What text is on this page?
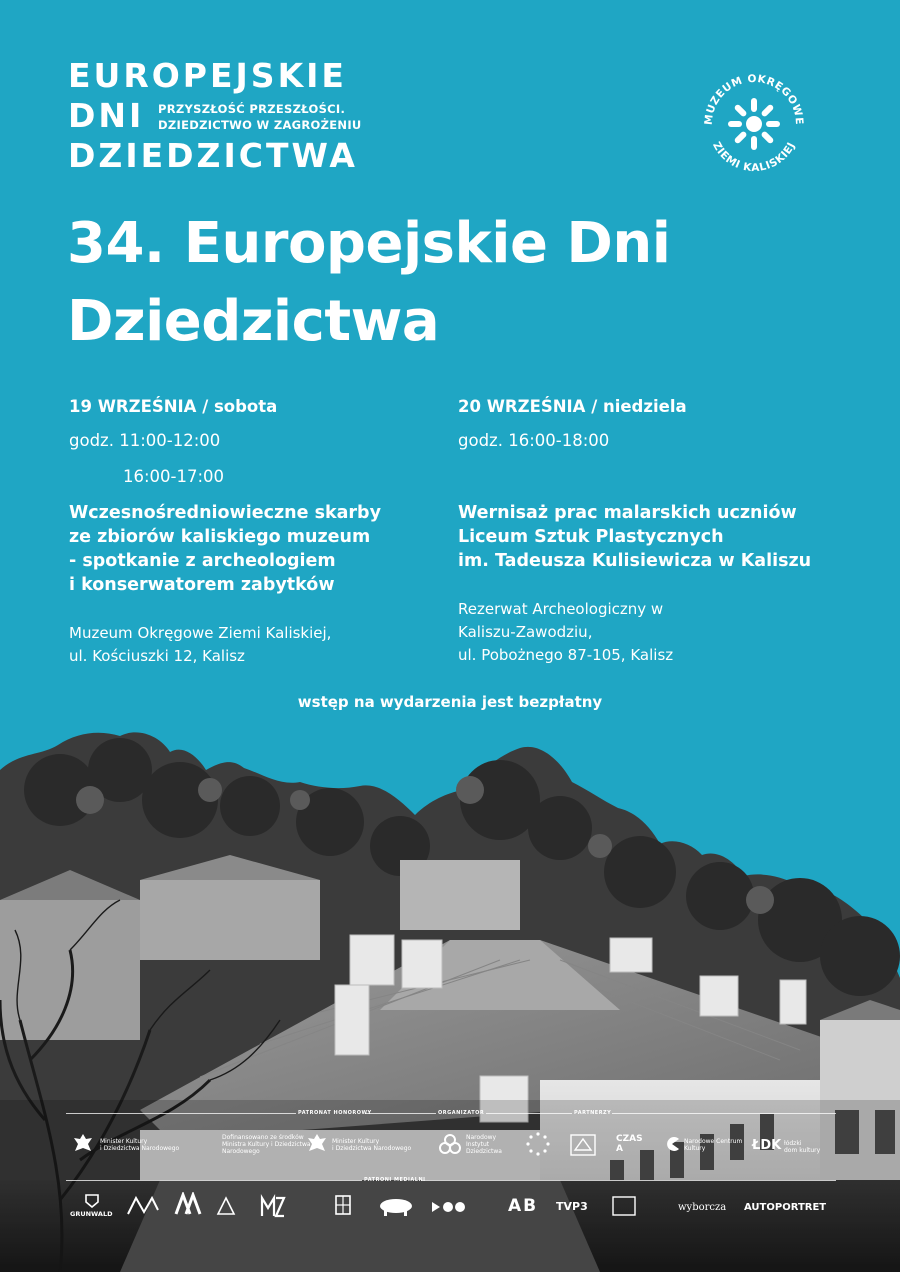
EUROPEJSKIE
DNI
DZIEDZICTWA
PRZYSZŁOŚĆ PRZESZŁOŚCI.
DZIEDZICTWO W ZAGROŻENIU	MUZEUM OKRĘGOWE
ZIEMI KALISKIEJ
34. Europejskie Dni Dziedzictwa
19 WRZEŚNIA / sobota
godz. 11:00-12:00
16:00-17:00
Wczesnośredniowieczne skarby
ze zbiorów kaliskiego muzeum
- spotkanie z archeologiem
i konserwatorem zabytków
Muzeum Okręgowe Ziemi Kaliskiej,
ul. Kościuszki 12, Kalisz
20 WRZEŚNIA / niedziela
godz. 16:00-18:00
Wernisaż prac malarskich uczniów
Liceum Sztuk Plastycznych
im. Tadeusza Kulisiewicza w Kaliszu
Rezerwat Archeologiczny w
Kaliszu-Zawodziu,
ul. Pobożnego 87-105, Kalisz
wstęp na wydarzenia jest bezpłatny
PATRONAT HONOROWY	ORGANIZATOR	PARTNERZY
Minister Kultury
i Dziedzictwa Narodowego
Dofinansowano ze środków
Ministra Kultury i Dziedzictwa
Narodowego
Minister Kultury
i Dziedzictwa Narodowego
Narodowy
Instytut
Dziedzictwa
CZAS
A
Narodowe Centrum
Kultury	ŁDK łódzki
dom kultury
PATRONI MEDIALNI
GRUNWALD	AB TVP3	wyborcza AUTOPORTRET
